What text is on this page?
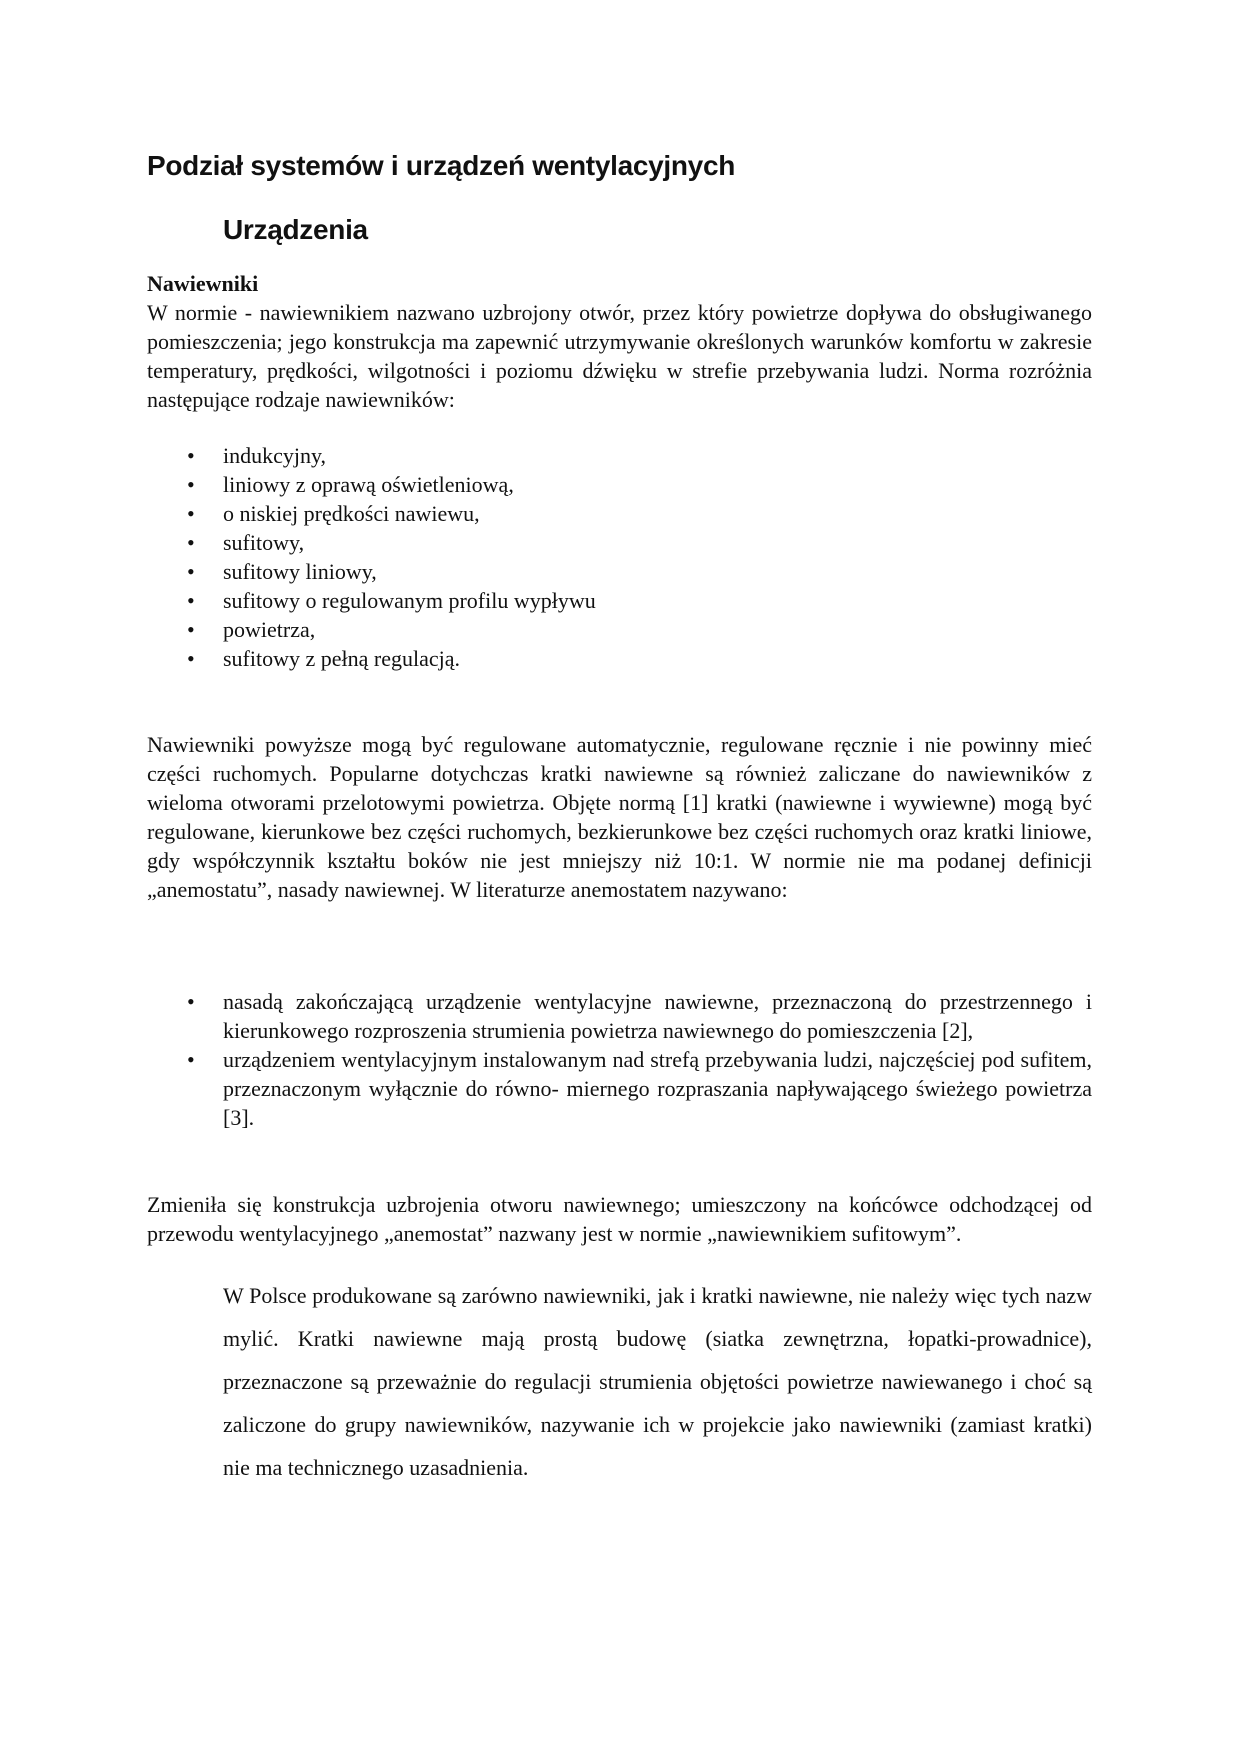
Podział systemów i urządzeń wentylacyjnych
Urządzenia
Nawiewniki

W normie - nawiewnikiem nazwano uzbrojony otwór, przez który powietrze dopływa do obsługiwanego pomieszczenia; jego konstrukcja ma zapewnić utrzymywanie określonych warunków komfortu w zakresie temperatury, prędkości, wilgotności i poziomu dźwięku w strefie przebywania ludzi. Norma rozróżnia następujące rodzaje nawiewników:

• indukcyjny,
• liniowy z oprawą oświetleniową,
• o niskiej prędkości nawiewu,
• sufitowy,
• sufitowy liniowy,
• sufitowy o regulowanym profilu wypływu
• powietrza,
• sufitowy z pełną regulacją.

Nawiewniki powyższe mogą być regulowane automatycznie, regulowane ręcznie i nie powinny mieć części ruchomych. Popularne dotychczas kratki nawiewne są również zaliczane do nawiewników z wieloma otworami przelotowymi powietrza. Objęte normą [1] kratki (nawiewne i wywiewne) mogą być regulowane, kierunkowe bez części ruchomych, bezkierunkowe bez części ruchomych oraz kratki liniowe, gdy współczynnik kształtu boków nie jest mniejszy niż 10:1. W normie nie ma podanej definicji „anemostatu”, nasady nawiewnej. W literaturze anemostatem nazywano:

• nasadą zakończającą urządzenie wentylacyjne nawiewne, przeznaczoną do przestrzennego i kierunkowego rozproszenia strumienia powietrza nawiewnego do pomieszczenia [2],
• urządzeniem wentylacyjnym instalowanym nad strefą przebywania ludzi, najczęściej pod sufitem, przeznaczonym wyłącznie do równo- miernego rozpraszania napływającego świeżego powietrza [3].

Zmieniła się konstrukcja uzbrojenia otworu nawiewnego; umieszczony na końcówce odchodzącej od przewodu wentylacyjnego „anemostat” nazwany jest w normie „nawiewnikiem sufitowym”.

W Polsce produkowane są zarówno nawiewniki, jak i kratki nawiewne, nie należy więc tych nazw mylić. Kratki nawiewne mają prostą budowę (siatka zewnętrzna, łopatki-prowadnice), przeznaczone są przeważnie do regulacji strumienia objętości powietrze nawiewanego i choć są zaliczone do grupy nawiewników, nazywanie ich w projekcie jako nawiewniki (zamiast kratki) nie ma technicznego uzasadnienia.
